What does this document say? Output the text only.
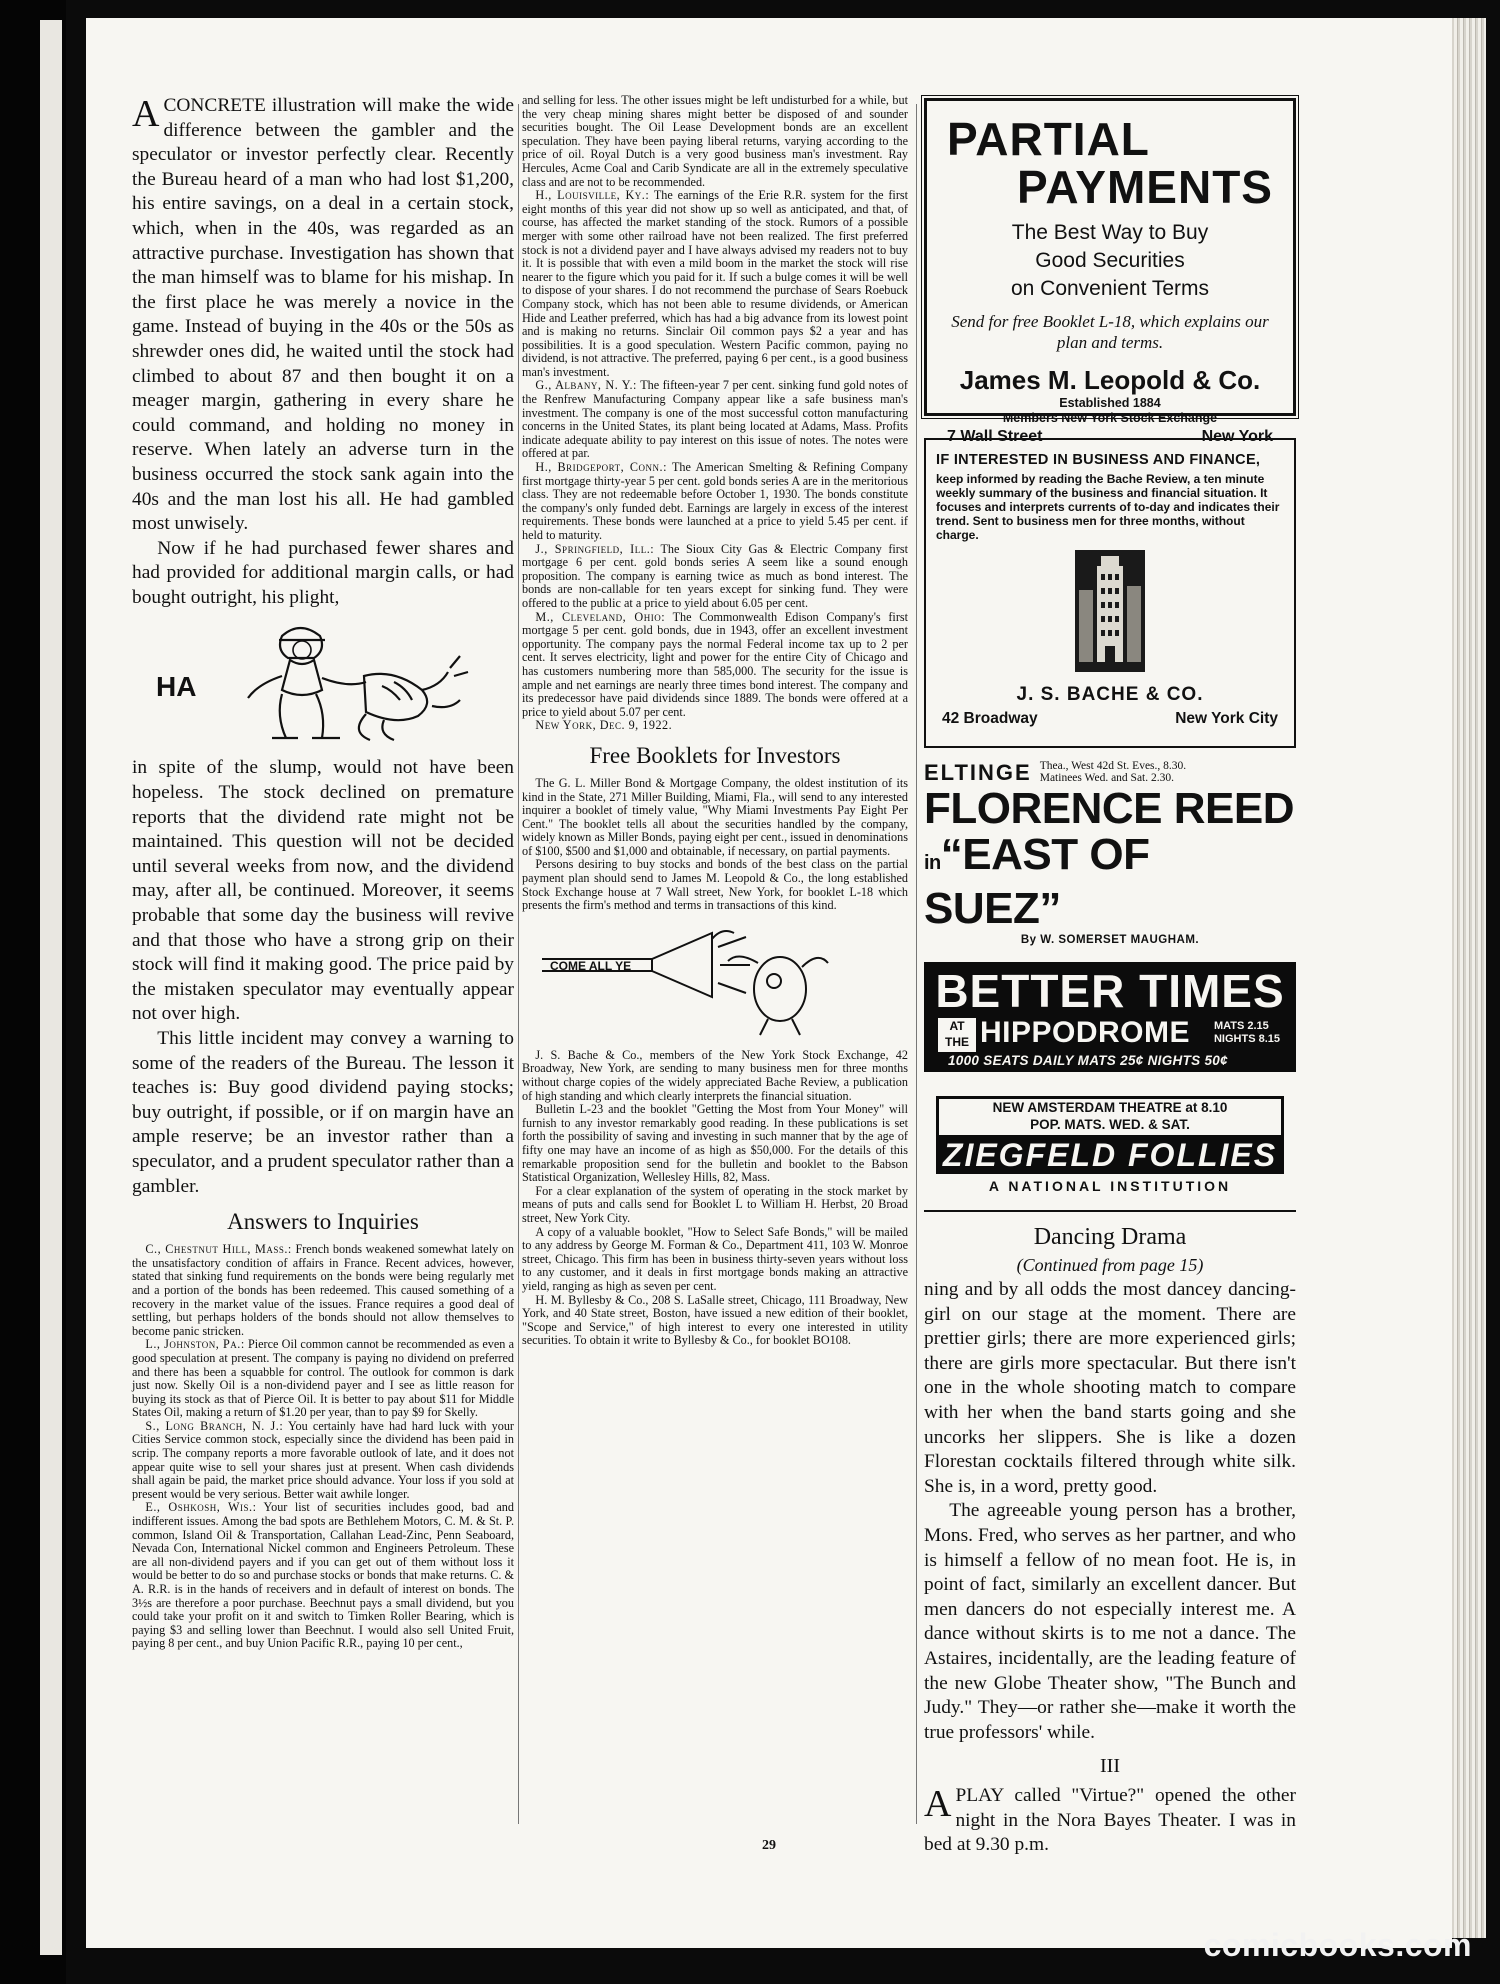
ACONCRETE illustration will make the wide difference between the gambler and the speculator or investor perfectly clear. Recently the Bureau heard of a man who had lost $1,200, his entire savings, on a deal in a certain stock, which, when in the 40s, was regarded as an attractive purchase. Investigation has shown that the man himself was to blame for his mishap. In the first place he was merely a novice in the game. Instead of buying in the 40s or the 50s as shrewder ones did, he waited until the stock had climbed to about 87 and then bought it on a meager margin, gathering in every share he could command, and holding no money in reserve. When lately an adverse turn in the business occurred the stock sank again into the 40s and the man lost his all. He had gambled most unwisely.

Now if he had purchased fewer shares and had provided for additional margin calls, or had bought outright, his plight,

HA

in spite of the slump, would not have been hopeless. The stock declined on premature reports that the dividend rate might not be maintained. This question will not be decided until several weeks from now, and the dividend may, after all, be continued. Moreover, it seems probable that some day the business will revive and that those who have a strong grip on their stock will find it making good. The price paid by the mistaken speculator may eventually appear not over high.

This little incident may convey a warning to some of the readers of the Bureau. The lesson it teaches is: Buy good dividend paying stocks; buy outright, if possible, or if on margin have an ample reserve; be an investor rather than a speculator, and a prudent speculator rather than a gambler.

Answers to Inquiries

C., Chestnut Hill, Mass.: French bonds weakened somewhat lately on the unsatisfactory condition of affairs in France. Recent advices, however, stated that sinking fund requirements on the bonds were being regularly met and a portion of the bonds has been redeemed. This caused something of a recovery in the market value of the issues. France requires a good deal of settling, but perhaps holders of the bonds should not allow themselves to become panic stricken.

L., Johnston, Pa.: Pierce Oil common cannot be recommended as even a good speculation at present. The company is paying no dividend on preferred and there has been a squabble for control. The outlook for common is dark just now. Skelly Oil is a non-dividend payer and I see as little reason for buying its stock as that of Pierce Oil. It is better to pay about $11 for Middle States Oil, making a return of $1.20 per year, than to pay $9 for Skelly.

S., Long Branch, N. J.: You certainly have had hard luck with your Cities Service common stock, especially since the dividend has been paid in scrip. The company reports a more favorable outlook of late, and it does not appear quite wise to sell your shares just at present. When cash dividends shall again be paid, the market price should advance. Your loss if you sold at present would be very serious. Better wait awhile longer.

E., Oshkosh, Wis.: Your list of securities includes good, bad and indifferent issues. Among the bad spots are Bethlehem Motors, C. M. & St. P. common, Island Oil & Transportation, Callahan Lead-Zinc, Penn Seaboard, Nevada Con, International Nickel common and Engineers Petroleum. These are all non-dividend payers and if you can get out of them without loss it would be better to do so and purchase stocks or bonds that make returns. C. & A. R.R. is in the hands of receivers and in default of interest on bonds. The 3½s are therefore a poor purchase. Beechnut pays a small dividend, but you could take your profit on it and switch to Timken Roller Bearing, which is paying $3 and selling lower than Beechnut. I would also sell United Fruit, paying 8 per cent., and buy Union Pacific R.R., paying 10 per cent.,

and selling for less. The other issues might be left undisturbed for a while, but the very cheap mining shares might better be disposed of and sounder securities bought. The Oil Lease Development bonds are an excellent speculation. They have been paying liberal returns, varying according to the price of oil. Royal Dutch is a very good business man's investment. Ray Hercules, Acme Coal and Carib Syndicate are all in the extremely speculative class and are not to be recommended.

H., Louisville, Ky.: The earnings of the Erie R.R. system for the first eight months of this year did not show up so well as anticipated, and that, of course, has affected the market standing of the stock. Rumors of a possible merger with some other railroad have not been realized. The first preferred stock is not a dividend payer and I have always advised my readers not to buy it. It is possible that with even a mild boom in the market the stock will rise nearer to the figure which you paid for it. If such a bulge comes it will be well to dispose of your shares. I do not recommend the purchase of Sears Roebuck Company stock, which has not been able to resume dividends, or American Hide and Leather preferred, which has had a big advance from its lowest point and is making no returns. Sinclair Oil common pays $2 a year and has possibilities. It is a good speculation. Western Pacific common, paying no dividend, is not attractive. The preferred, paying 6 per cent., is a good business man's investment.

G., Albany, N. Y.: The fifteen-year 7 per cent. sinking fund gold notes of the Renfrew Manufacturing Company appear like a safe business man's investment. The company is one of the most successful cotton manufacturing concerns in the United States, its plant being located at Adams, Mass. Profits indicate adequate ability to pay interest on this issue of notes. The notes were offered at par.

H., Bridgeport, Conn.: The American Smelting & Refining Company first mortgage thirty-year 5 per cent. gold bonds series A are in the meritorious class. They are not redeemable before October 1, 1930. The bonds constitute the company's only funded debt. Earnings are largely in excess of the interest requirements. These bonds were launched at a price to yield 5.45 per cent. if held to maturity.

J., Springfield, Ill.: The Sioux City Gas & Electric Company first mortgage 6 per cent. gold bonds series A seem like a sound enough proposition. The company is earning twice as much as bond interest. The bonds are non-callable for ten years except for sinking fund. They were offered to the public at a price to yield about 6.05 per cent.

M., Cleveland, Ohio: The Commonwealth Edison Company's first mortgage 5 per cent. gold bonds, due in 1943, offer an excellent investment opportunity. The company pays the normal Federal income tax up to 2 per cent. It serves electricity, light and power for the entire City of Chicago and has customers numbering more than 585,000. The security for the issue is ample and net earnings are nearly three times bond interest. The company and its predecessor have paid dividends since 1889. The bonds were offered at a price to yield about 5.07 per cent.

New York, Dec. 9, 1922.

Free Booklets for Investors

The G. L. Miller Bond & Mortgage Company, the oldest institution of its kind in the State, 271 Miller Building, Miami, Fla., will send to any interested inquirer a booklet of timely value, "Why Miami Investments Pay Eight Per Cent." The booklet tells all about the securities handled by the company, widely known as Miller Bonds, paying eight per cent., issued in denominations of $100, $500 and $1,000 and obtainable, if necessary, on partial payments.

Persons desiring to buy stocks and bonds of the best class on the partial payment plan should send to James M. Leopold & Co., the long established Stock Exchange house at 7 Wall street, New York, for booklet L-18 which presents the firm's method and terms in transactions of this kind.

COME ALL YE

J. S. Bache & Co., members of the New York Stock Exchange, 42 Broadway, New York, are sending to many business men for three months without charge copies of the widely appreciated Bache Review, a publication of high standing and which clearly interprets the financial situation.

Bulletin L-23 and the booklet "Getting the Most from Your Money" will furnish to any investor remarkably good reading. In these publications is set forth the possibility of saving and investing in such manner that by the age of fifty one may have an income of as high as $50,000. For the details of this remarkable proposition send for the bulletin and booklet to the Babson Statistical Organization, Wellesley Hills, 82, Mass.

For a clear explanation of the system of operating in the stock market by means of puts and calls send for Booklet L to William H. Herbst, 20 Broad street, New York City.

A copy of a valuable booklet, "How to Select Safe Bonds," will be mailed to any address by George M. Forman & Co., Department 411, 103 W. Monroe street, Chicago. This firm has been in business thirty-seven years without loss to any customer, and it deals in first mortgage bonds making an attractive yield, ranging as high as seven per cent.

H. M. Byllesby & Co., 208 S. LaSalle street, Chicago, 111 Broadway, New York, and 40 State street, Boston, have issued a new edition of their booklet, "Scope and Service," of high interest to every one interested in utility securities. To obtain it write to Byllesby & Co., for booklet BO108.

PARTIAL
PAYMENTS
The Best Way to Buy
Good Securities
on Convenient Terms
Send for free Booklet L-18, which explains our plan and terms.
James M. Leopold & Co.
Established 1884
Members New York Stock Exchange
7 Wall Street	New York
IF INTERESTED IN BUSINESS AND FINANCE,
keep informed by reading the Bache Review, a ten minute weekly summary of the business and financial situation. It focuses and interprets currents of to-day and indicates their trend. Sent to business men for three months, without charge.
J. S. BACHE & CO.
42 Broadway	New York City
ELTINGE Thea., West 42d St. Eves., 8.30.
Matinees Wed. and Sat. 2.30.
FLORENCE REED
in“EAST OF SUEZ”
By W. SOMERSET MAUGHAM.
BETTER TIMES
AT
THE HIPPODROME MATS 2.15
NIGHTS 8.15
1000 SEATS DAILY MATS 25¢ NIGHTS 50¢
NEW AMSTERDAM THEATRE at 8.10
POP. MATS. WED. & SAT.
ZIEGFELD FOLLIES
A NATIONAL INSTITUTION
Dancing Drama
(Continued from page 15)

ning and by all odds the most dancey dancing-girl on our stage at the moment. There are prettier girls; there are more experienced girls; there are girls more spectacular. But there isn't one in the whole shooting match to compare with her when the band starts going and she uncorks her slippers. She is like a dozen Florestan cocktails filtered through white silk. She is, in a word, pretty good.

The agreeable young person has a brother, Mons. Fred, who serves as her partner, and who is himself a fellow of no mean foot. He is, in point of fact, similarly an excellent dancer. But men dancers do not especially interest me. A dance without skirts is to me not a dance. The Astaires, incidentally, are the leading feature of the new Globe Theater show, "The Bunch and Judy." They—or rather she—make it worth the true professors' while.

III

APLAY called "Virtue?" opened the other night in the Nora Bayes Theater. I was in bed at 9.30 p.m.

29
comicbooks.com
